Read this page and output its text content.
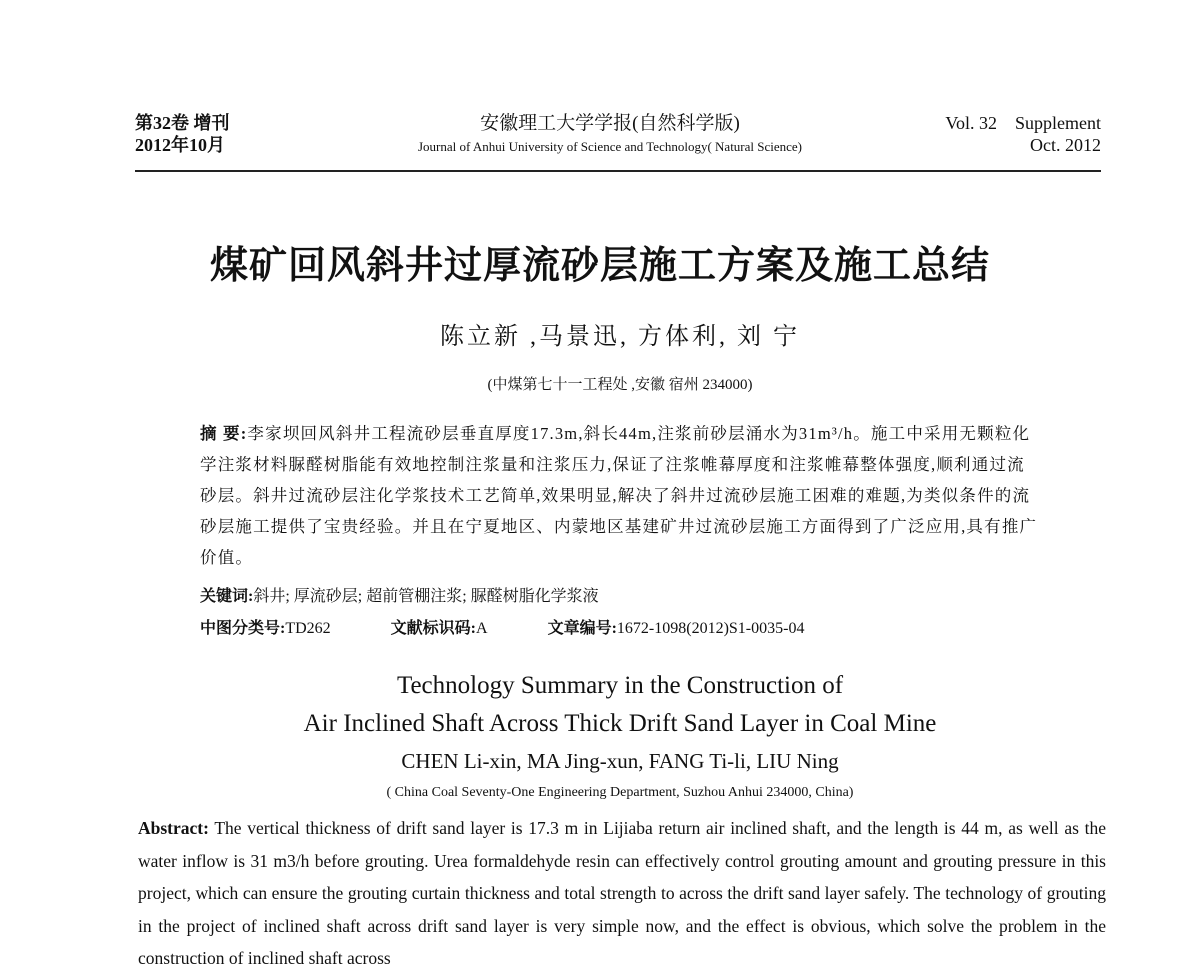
第32卷 增刊
2012年10月
安徽理工大学学报(自然科学版)
Journal of Anhui University of Science and Technology( Natural Science)
Vol. 32 Supplement
Oct. 2012
煤矿回风斜井过厚流砂层施工方案及施工总结
陈立新 ,马景迅, 方体利, 刘 宁
(中煤第七十一工程处 ,安徽 宿州 234000)
摘 要:李家坝回风斜井工程流砂层垂直厚度17.3m,斜长44m,注浆前砂层涌水为31m³/h。施工中采用无颗粒化学注浆材料脲醛树脂能有效地控制注浆量和注浆压力,保证了注浆帷幕厚度和注浆帷幕整体强度,顺利通过流砂层。斜井过流砂层注化学浆技术工艺简单,效果明显,解决了斜井过流砂层施工困难的难题,为类似条件的流砂层施工提供了宝贵经验。并且在宁夏地区、内蒙地区基建矿井过流砂层施工方面得到了广泛应用,具有推广价值。
关键词:斜井; 厚流砂层; 超前管棚注浆; 脲醛树脂化学浆液
中图分类号:TD262	文献标识码:A	文章编号:1672-1098(2012)S1-0035-04
Technology Summary in the Construction of
Air Inclined Shaft Across Thick Drift Sand Layer in Coal Mine
CHEN Li-xin, MA Jing-xun, FANG Ti-li, LIU Ning
( China Coal Seventy-One Engineering Department, Suzhou Anhui 234000, China)
Abstract: The vertical thickness of drift sand layer is 17.3 m in Lijiaba return air inclined shaft, and the length is 44 m, as well as the water inflow is 31 m3/h before grouting. Urea formaldehyde resin can effectively control grouting amount and grouting pressure in this project, which can ensure the grouting curtain thickness and total strength to across the drift sand layer safely. The technology of grouting in the project of inclined shaft across drift sand layer is very simple now, and the effect is obvious, which solve the problem in the construction of inclined shaft across
